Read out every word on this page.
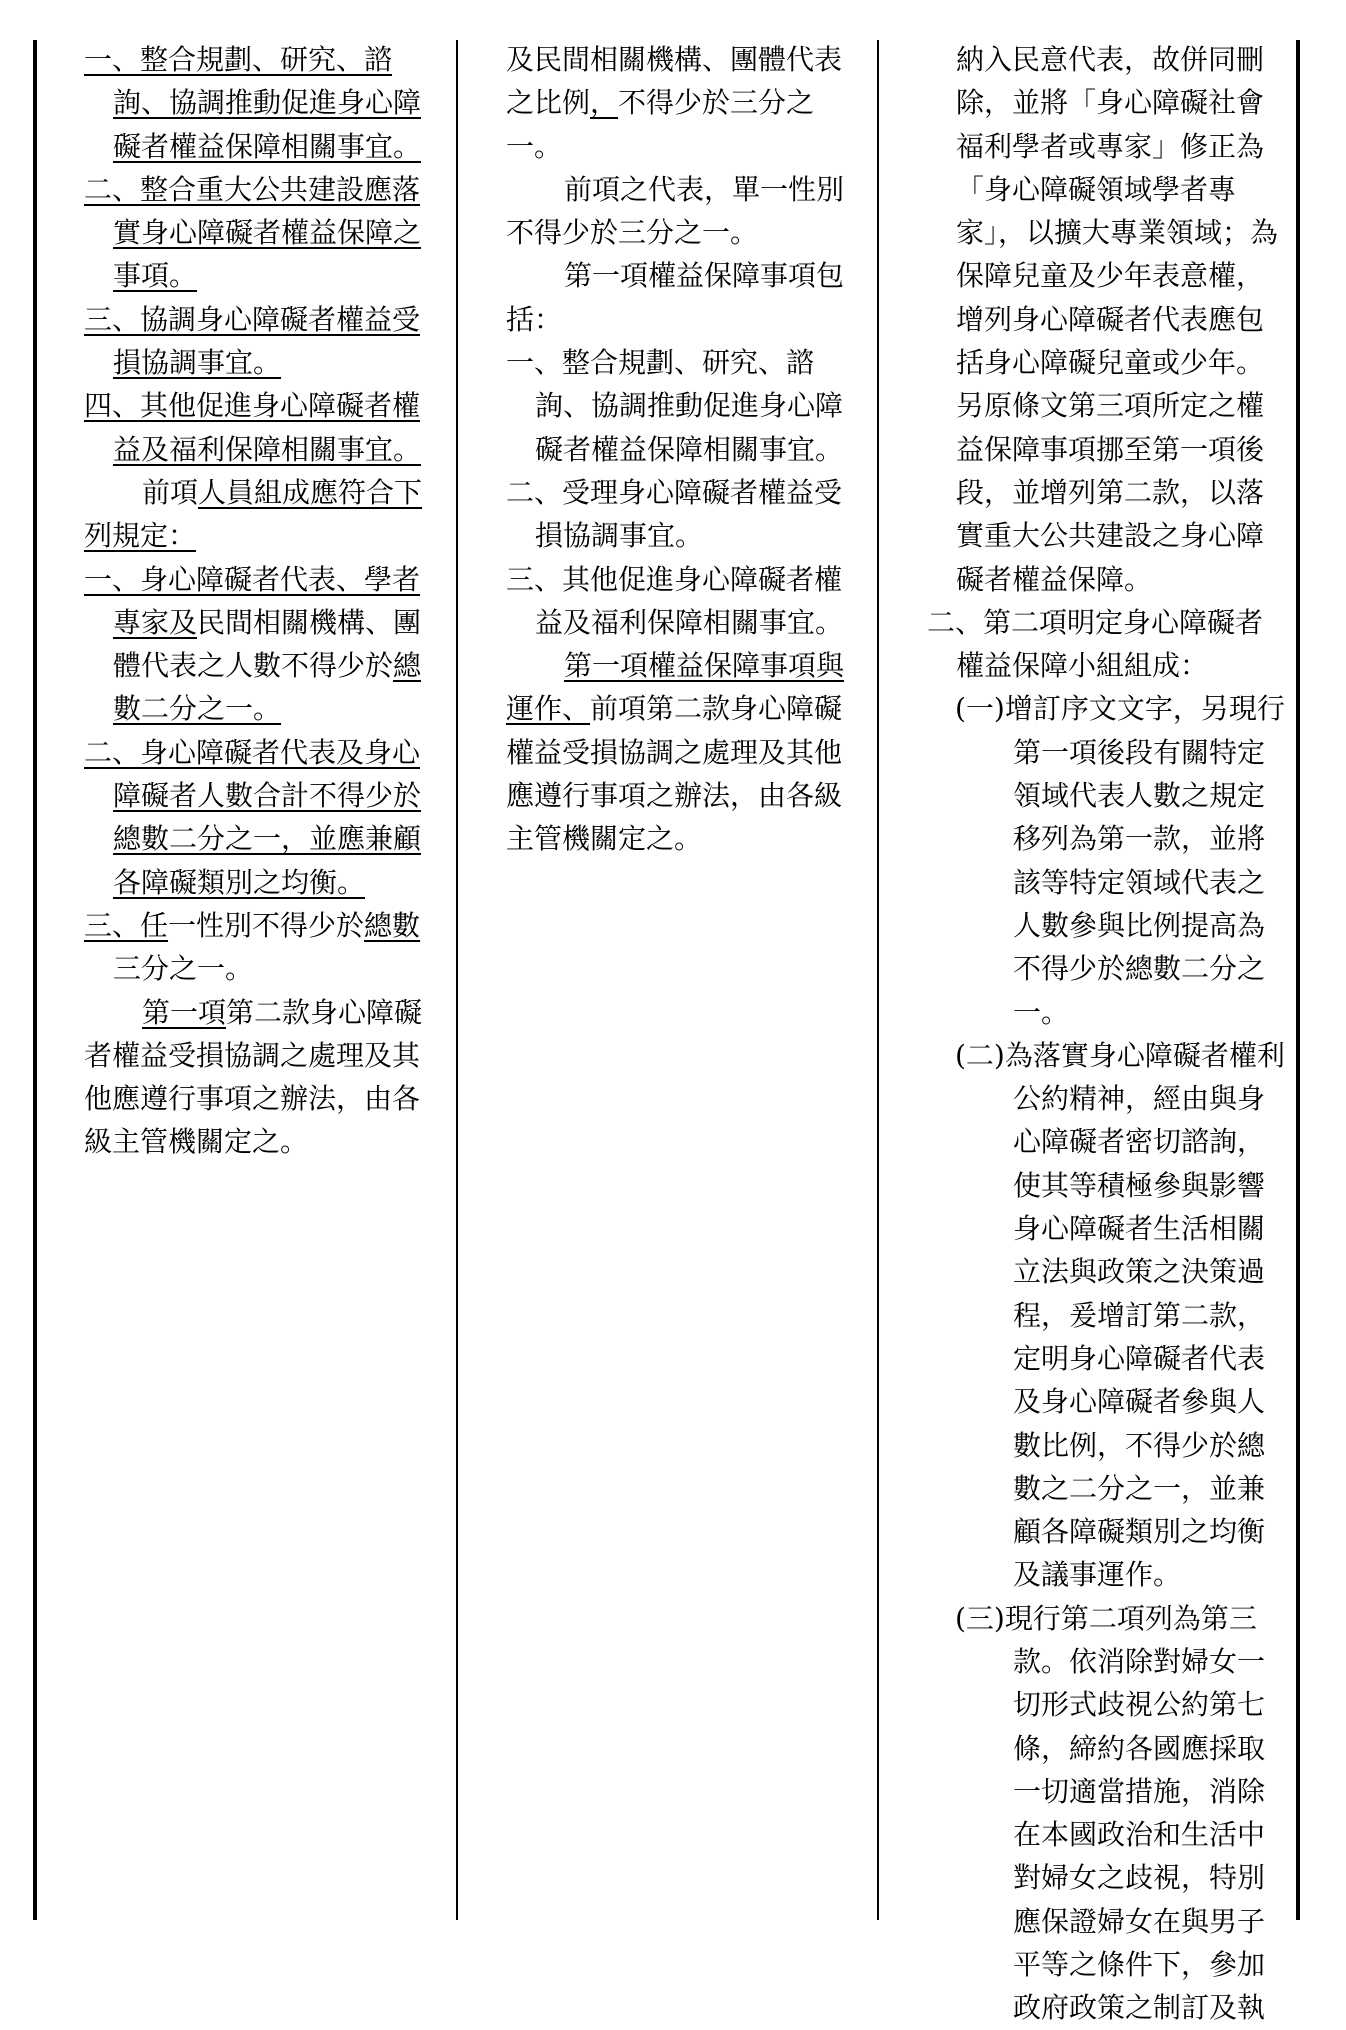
一、整合規劃、研究、諮詢、協調推動促進身心障礙者權益保障相關事宜。

二、整合重大公共建設應落實身心障礙者權益保障之事項。

三、協調身心障礙者權益受損協調事宜。

四、其他促進身心障礙者權益及福利保障相關事宜。

前項人員組成應符合下列規定：

一、身心障礙者代表、學者專家及民間相關機構、團體代表之人數不得少於總數二分之一。

二、身心障礙者代表及身心障礙者人數合計不得少於總數二分之一，並應兼顧各障礙類別之均衡。

三、任一性別不得少於總數三分之一。

第一項第二款身心障礙者權益受損協調之處理及其他應遵行事項之辦法，由各級主管機關定之。

及民間相關機構、團體代表之比例，不得少於三分之一。

前項之代表，單一性別不得少於三分之一。

第一項權益保障事項包括：

一、整合規劃、研究、諮詢、協調推動促進身心障礙者權益保障相關事宜。

二、受理身心障礙者權益受損協調事宜。

三、其他促進身心障礙者權益及福利保障相關事宜。

第一項權益保障事項與運作、前項第二款身心障礙權益受損協調之處理及其他應遵行事項之辦法，由各級主管機關定之。

納入民意代表，故併同刪除，並將「身心障礙社會福利學者或專家」修正為「身心障礙領域學者專家」，以擴大專業領域；為保障兒童及少年表意權，增列身心障礙者代表應包括身心障礙兒童或少年。另原條文第三項所定之權益保障事項挪至第一項後段，並增列第二款，以落實重大公共建設之身心障礙者權益保障。

二、第二項明定身心障礙者權益保障小組組成：

(一)增訂序文文字，另現行第一項後段有關特定領域代表人數之規定移列為第一款，並將該等特定領域代表之人數參與比例提高為不得少於總數二分之一。

(二)為落實身心障礙者權利公約精神，經由與身心障礙者密切諮詢，使其等積極參與影響身心障礙者生活相關立法與政策之決策過程，爰增訂第二款，定明身心障礙者代表及身心障礙者參與人數比例，不得少於總數之二分之一，並兼顧各障礙類別之均衡及議事運作。

(三)現行第二項列為第三款。依消除對婦女一切形式歧視公約第七條，締約各國應採取一切適當措施，消除在本國政治和生活中對婦女之歧視，特別應保證婦女在與男子平等之條件下，參加政府政策之制訂及執
